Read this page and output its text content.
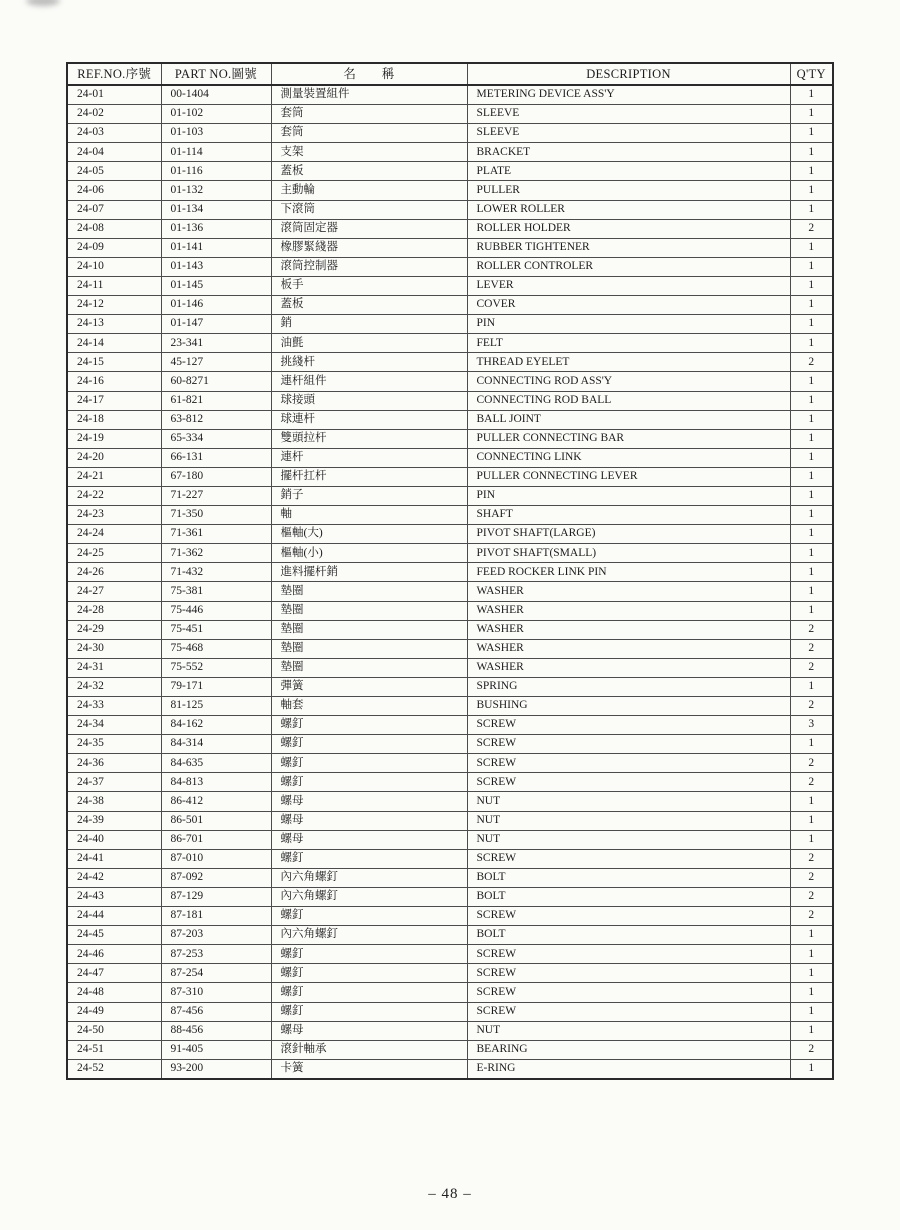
REF.NO.序號	PART NO.圖號	名　　稱	DESCRIPTION	Q'TY
24-01	00-1404	測量裝置組件	METERING DEVICE ASS'Y	1
24-02	01-102	套筒	SLEEVE	1
24-03	01-103	套筒	SLEEVE	1
24-04	01-114	支架	BRACKET	1
24-05	01-116	蓋板	PLATE	1
24-06	01-132	主動輪	PULLER	1
24-07	01-134	下滾筒	LOWER ROLLER	1
24-08	01-136	滾筒固定器	ROLLER HOLDER	2
24-09	01-141	橡膠緊綫器	RUBBER TIGHTENER	1
24-10	01-143	滾筒控制器	ROLLER CONTROLER	1
24-11	01-145	板手	LEVER	1
24-12	01-146	蓋板	COVER	1
24-13	01-147	銷	PIN	1
24-14	23-341	油氈	FELT	1
24-15	45-127	挑綫杆	THREAD EYELET	2
24-16	60-8271	連杆組件	CONNECTING ROD ASS'Y	1
24-17	61-821	球接頭	CONNECTING ROD BALL	1
24-18	63-812	球連杆	BALL JOINT	1
24-19	65-334	雙頭拉杆	PULLER CONNECTING BAR	1
24-20	66-131	連杆	CONNECTING LINK	1
24-21	67-180	擺杆扛杆	PULLER CONNECTING LEVER	1
24-22	71-227	銷子	PIN	1
24-23	71-350	軸	SHAFT	1
24-24	71-361	樞軸(大)	PIVOT SHAFT(LARGE)	1
24-25	71-362	樞軸(小)	PIVOT SHAFT(SMALL)	1
24-26	71-432	進料擺杆銷	FEED ROCKER LINK PIN	1
24-27	75-381	墊圈	WASHER	1
24-28	75-446	墊圈	WASHER	1
24-29	75-451	墊圈	WASHER	2
24-30	75-468	墊圈	WASHER	2
24-31	75-552	墊圈	WASHER	2
24-32	79-171	彈簧	SPRING	1
24-33	81-125	軸套	BUSHING	2
24-34	84-162	螺釘	SCREW	3
24-35	84-314	螺釘	SCREW	1
24-36	84-635	螺釘	SCREW	2
24-37	84-813	螺釘	SCREW	2
24-38	86-412	螺母	NUT	1
24-39	86-501	螺母	NUT	1
24-40	86-701	螺母	NUT	1
24-41	87-010	螺釘	SCREW	2
24-42	87-092	內六角螺釘	BOLT	2
24-43	87-129	內六角螺釘	BOLT	2
24-44	87-181	螺釘	SCREW	2
24-45	87-203	內六角螺釘	BOLT	1
24-46	87-253	螺釘	SCREW	1
24-47	87-254	螺釘	SCREW	1
24-48	87-310	螺釘	SCREW	1
24-49	87-456	螺釘	SCREW	1
24-50	88-456	螺母	NUT	1
24-51	91-405	滾針軸承	BEARING	2
24-52	93-200	卡簧	E-RING	1
– 48 –
